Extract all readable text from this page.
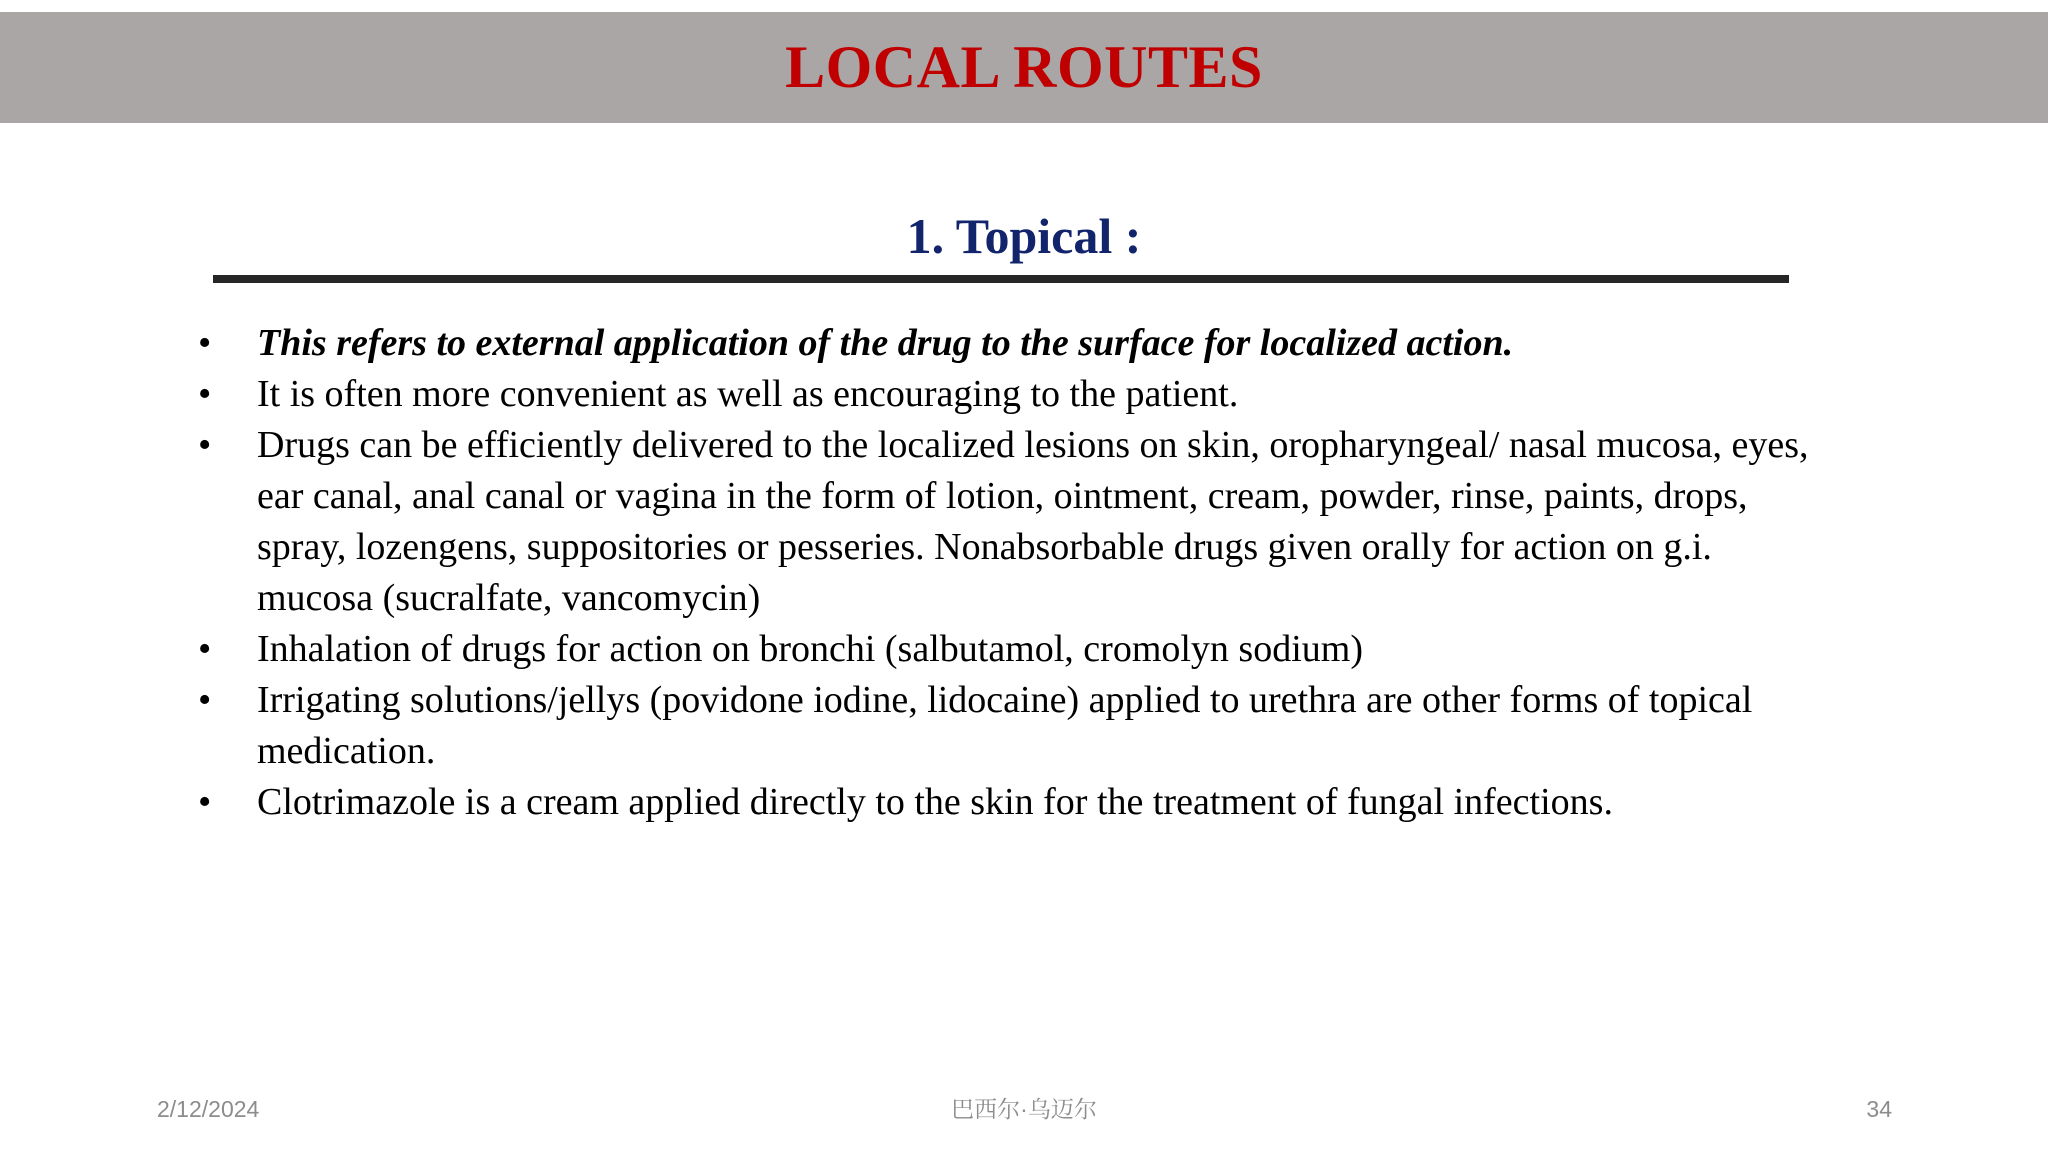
LOCAL ROUTES
1. Topical :
•	This refers to external application of the drug to the surface for localized action.
•	It is often more convenient as well as encouraging to the patient.
•	Drugs can be efficiently delivered to the localized lesions on skin, oropharyngeal/ nasal mucosa, eyes, ear canal, anal canal or vagina in the form of lotion, ointment, cream, powder, rinse, paints, drops, spray, lozengens, suppositories or pesseries. Nonabsorbable drugs given orally for action on g.i. mucosa (sucralfate, vancomycin)
•	Inhalation of drugs for action on bronchi (salbutamol, cromolyn sodium)
•	Irrigating solutions/jellys (povidone iodine, lidocaine) applied to urethra are other forms of topical medication.
•	Clotrimazole is a cream applied directly to the skin for the treatment of fungal infections.
2/12/2024	巴西尔·乌迈尔	34
